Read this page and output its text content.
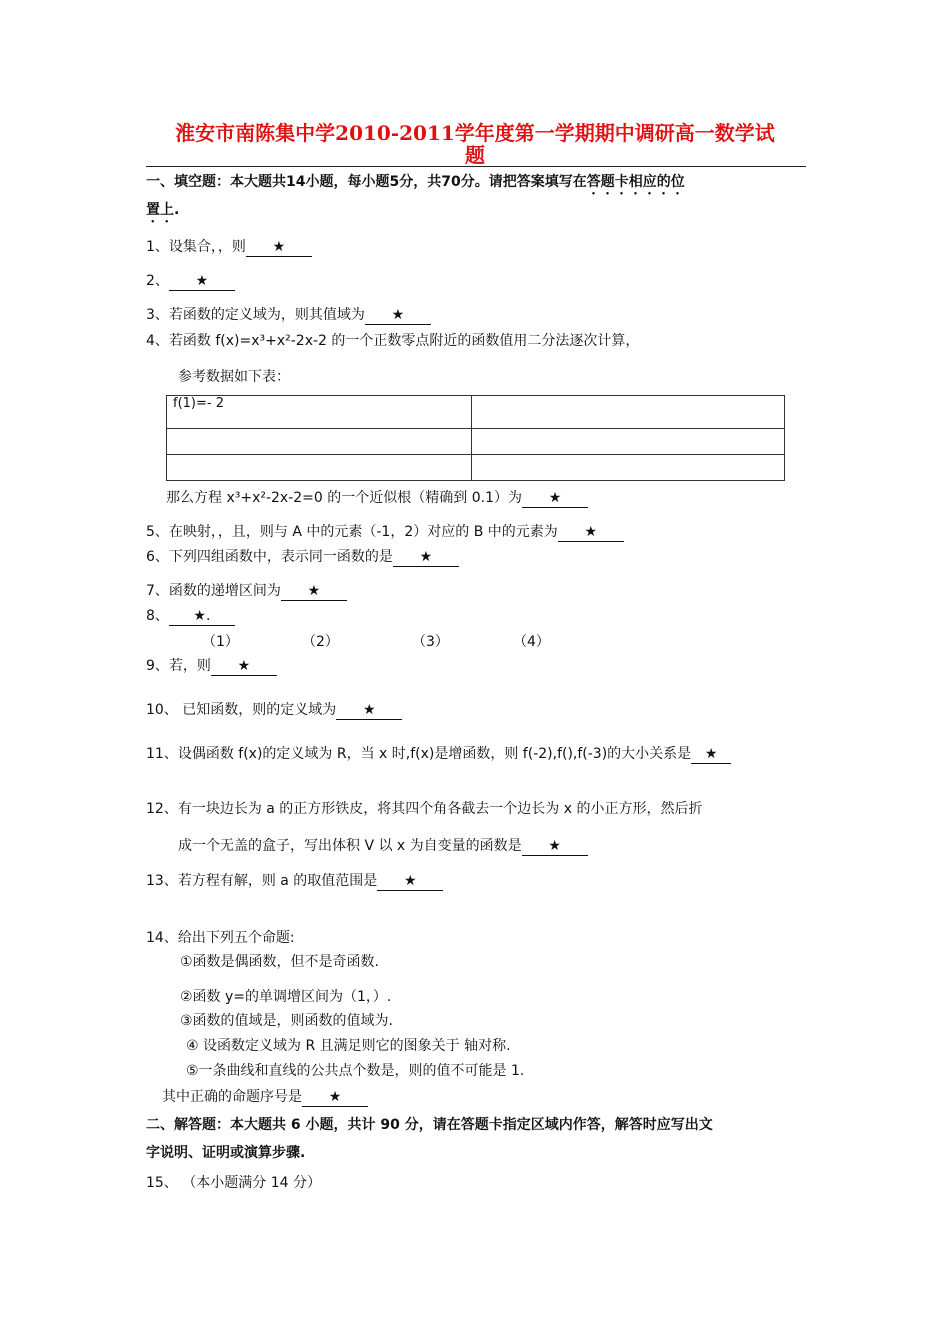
淮安市南陈集中学2010-2011学年度第一学期期中调研高一数学试
题
一、填空题：本大题共14小题，每小题5分，共70分。请把答案填写在答题卡相应的位
置上.
1、设集合，，则 ★
2、 ★
3、若函数的定义域为，则其值域为 ★
4、若函数 f(x)=x³+x²-2x-2 的一个正数零点附近的函数值用二分法逐次计算，
参考数据如下表：
f(1)=- 2	

那么方程 x³+x²-2x-2=0 的一个近似根（精确到 0.1）为 ★
5、在映射，，且，则与 A 中的元素（-1，2）对应的 B 中的元素为 ★
6、下列四组函数中，表示同一函数的是 ★
7、函数的递增区间为 ★
8、 ★.
（1）	（2）	（3）	（4）
9、若，则 ★
10、 已知函数，则的定义域为 ★
11、设偶函数 f(x)的定义域为 R，当 x 时,f(x)是增函数，则 f(-2),f(),f(-3)的大小关系是 ★
12、有一块边长为 a 的正方形铁皮，将其四个角各截去一个边长为 x 的小正方形，然后折
成一个无盖的盒子，写出体积 V 以 x 为自变量的函数是 ★
13、若方程有解，则 a 的取值范围是 ★
14、给出下列五个命题:
①函数是偶函数，但不是奇函数.
②函数 y=的单调增区间为（1，）.
③函数的值域是，则函数的值域为.
④ 设函数定义域为 R 且满足则它的图象关于 轴对称.
⑤一条曲线和直线的公共点个数是，则的值不可能是 1.
其中正确的命题序号是 ★
二、解答题：本大题共 6 小题，共计 90 分，请在答题卡指定区域内作答，解答时应写出文
字说明、证明或演算步骤.
15、 （本小题满分 14 分）
